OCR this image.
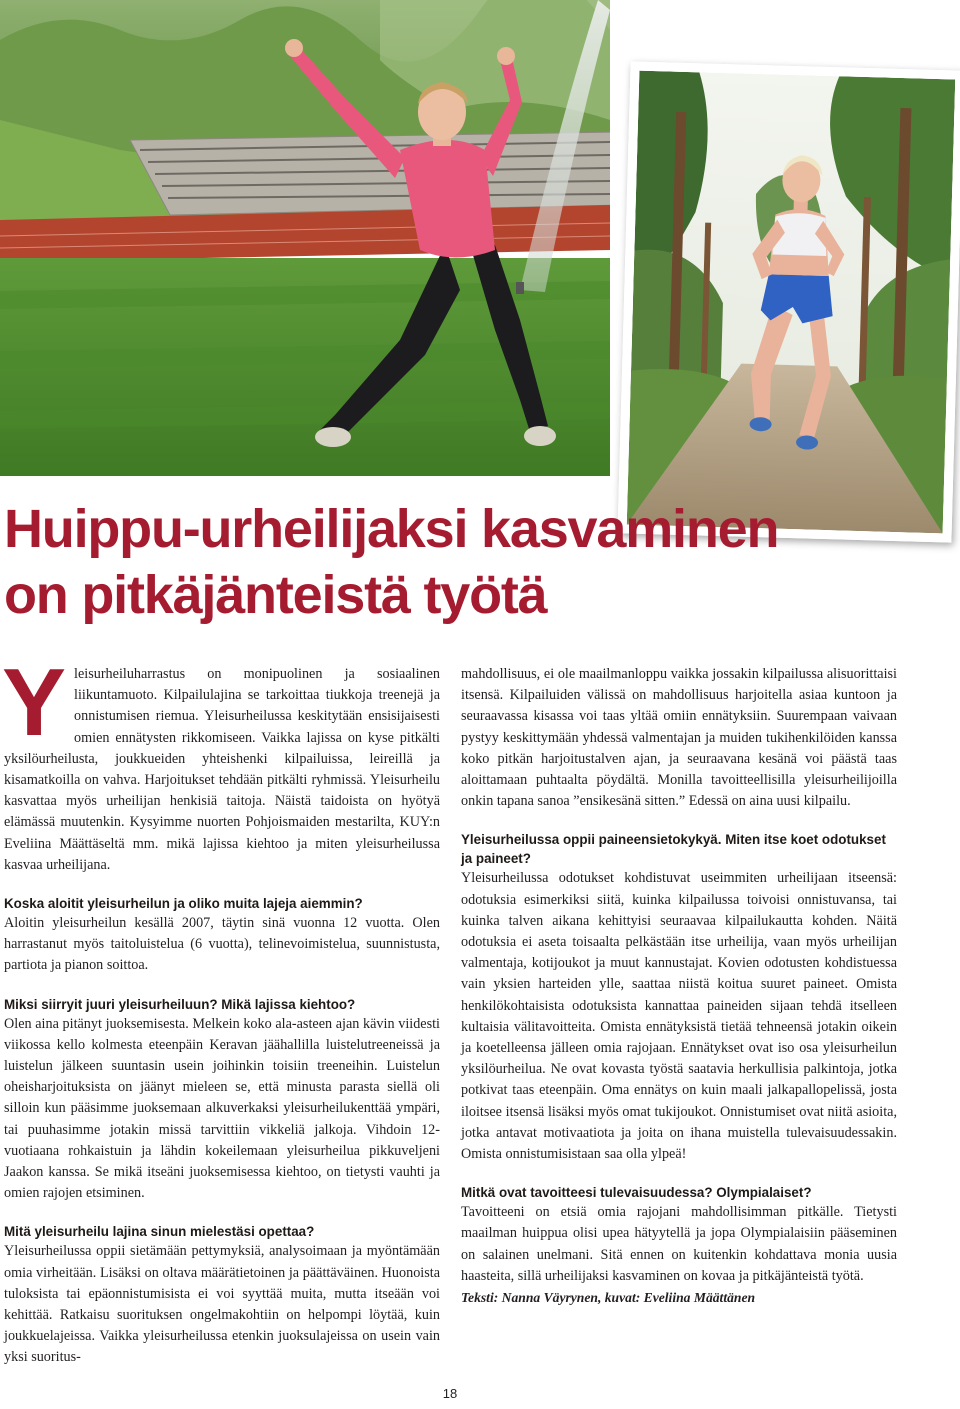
Huippu-urheilijaksi kasvaminen
on pitkäjänteistä työtä

Yleisurheiluharrastus on monipuolinen ja sosiaalinen liikuntamuoto. Kilpailulajina se tarkoittaa tiukkoja treenejä ja onnistumisen riemua. Yleisurheilussa keskitytään ensisijaisesti omien ennätysten rikkomiseen. Vaikka lajissa on kyse pitkälti yksilöurheilusta, joukkueiden yhteishenki kilpailuissa, leireillä ja kisamatkoilla on vahva. Harjoitukset tehdään pitkälti ryhmissä. Yleisurheilu kasvattaa myös urheilijan henkisiä taitoja. Näistä taidoista on hyötyä elämässä muutenkin. Kysyimme nuorten Pohjoismaiden mestarilta, KUY:n Eveliina Määttäseltä mm. mikä lajissa kiehtoo ja miten yleisurheilussa kasvaa urheilijana.

Koska aloitit yleisurheilun ja oliko muita lajeja aiemmin?

Aloitin yleisurheilun kesällä 2007, täytin sinä vuonna 12 vuotta. Olen harrastanut myös taitoluistelua (6 vuotta), telinevoimistelua, suunnistusta, partiota ja pianon soittoa.

Miksi siirryit juuri yleisurheiluun? Mikä lajissa kiehtoo?

Olen aina pitänyt juoksemisesta. Melkein koko ala-asteen ajan kävin viidesti viikossa kello kolmesta eteenpäin Keravan jäähallilla luistelutreeneissä ja luistelun jälkeen suuntasin usein joihinkin toisiin treeneihin. Luistelun oheisharjoituksista on jäänyt mieleen se, että minusta parasta siellä oli silloin kun pääsimme juoksemaan alkuverkaksi yleisurheilukenttää ympäri, tai puuhasimme jotakin missä tarvittiin vikkeliä jalkoja. Vihdoin 12-vuotiaana rohkaistuin ja lähdin kokeilemaan yleisurheilua pikkuveljeni Jaakon kanssa. Se mikä itseäni juoksemisessa kiehtoo, on tietysti vauhti ja omien rajojen etsiminen.

Mitä yleisurheilu lajina sinun mielestäsi opettaa?

Yleisurheilussa oppii sietämään pettymyksiä, analysoimaan ja myöntämään omia virheitään. Lisäksi on oltava määrätietoinen ja päättäväinen. Huonoista tuloksista tai epäonnistumisista ei voi syyttää muita, mutta itseään voi kehittää. Ratkaisu suorituksen ongelmakohtiin on helpompi löytää, kuin joukkuelajeissa. Vaikka yleisurheilussa etenkin juoksulajeissa on usein vain yksi suoritus-

mahdollisuus, ei ole maailmanloppu vaikka jossakin kilpailussa alisuorittaisi itsensä. Kilpailuiden välissä on mahdollisuus harjoitella asiaa kuntoon ja seuraavassa kisassa voi taas yltää omiin ennätyksiin. Suurempaan vaivaan pystyy keskittymään yhdessä valmentajan ja muiden tukihenkilöiden kanssa koko pitkän harjoitustalven ajan, ja seuraavana kesänä voi päästä taas aloittamaan puhtaalta pöydältä. Monilla tavoitteellisilla yleisurheilijoilla onkin tapana sanoa ”ensikesänä sitten.” Edessä on aina uusi kilpailu.

Yleisurheilussa oppii paineensietokykyä. Miten itse koet odotukset ja paineet?

Yleisurheilussa odotukset kohdistuvat useimmiten urheilijaan itseensä: odotuksia esimerkiksi siitä, kuinka kilpailussa toivoisi onnistuvansa, tai kuinka talven aikana kehittyisi seuraavaa kilpailukautta kohden. Näitä odotuksia ei aseta toisaalta pelkästään itse urheilija, vaan myös urheilijan valmentaja, kotijoukot ja muut kannustajat. Kovien odotusten kohdistuessa vain yksien harteiden ylle, saattaa niistä koitua suuret paineet. Omista henkilökohtaisista odotuksista kannattaa paineiden sijaan tehdä itselleen kultaisia välitavoitteita. Omista ennätyksistä tietää tehneensä jotakin oikein ja koetelleensa jälleen omia rajojaan. Ennätykset ovat iso osa yleisurheilun yksilöurheilua. Ne ovat kovasta työstä saatavia herkullisia palkintoja, jotka potkivat taas eteenpäin. Oma ennätys on kuin maali jalkapallopelissä, josta iloitsee itsensä lisäksi myös omat tukijoukot. Onnistumiset ovat niitä asioita, jotka antavat motivaatiota ja joita on ihana muistella tulevaisuudessakin. Omista onnistumisistaan saa olla ylpeä!

Mitkä ovat tavoitteesi tulevaisuudessa? Olympialaiset?

Tavoitteeni on etsiä omia rajojani mahdollisimman pitkälle. Tietysti maailman huippua olisi upea hätyytellä ja jopa Olympialaisiin pääseminen on salainen unelmani. Sitä ennen on kuitenkin kohdattava monia uusia haasteita, sillä urheilijaksi kasvaminen on kovaa ja pitkäjänteistä työtä.

Teksti: Nanna Väyrynen, kuvat: Eveliina Määttänen

18
